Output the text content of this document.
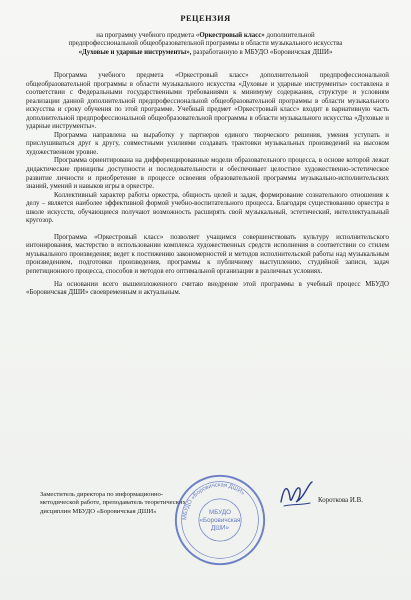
РЕЦЕНЗИЯ
на программу учебного предмета «Оркестровый класс» дополнительной
предпрофессиональной общеобразовательной программы в области музыкального искусства
«Духовые и ударные инструменты», разработанную в МБУДО «Боровичская ДШИ»

Программа учебного предмета «Оркестровый класс» дополнительной предпрофессиональной общеобразовательной программы в области музыкального искусства «Духовые и ударные инструменты» составлена в соответствии с Федеральными государственными требованиями к минимуму содержания, структуре и условиям реализации данной дополнительной предпрофессиональной общеобразовательной программы в области музыкального искусства и сроку обучения по этой программе. Учебный предмет «Оркестровый класс» входит в вариативную часть дополнительной предпрофессиональной общеобразовательной программы в области музыкального искусства «Духовые и ударные инструменты».

Программа направлена на выработку у партнеров единого творческого решения, умения уступать и прислушиваться друг к другу, совместными усилиями создавать трактовки музыкальных произведений на высоком художественном уровне.

Программа ориентирована на дифференцированные модели образовательного процесса, в основе которой лежат дидактические принципы доступности и последовательности и обеспечивает целостное художественно-эстетическое развитие личности и приобретение в процессе освоения образовательной программы музыкально-исполнительских знаний, умений и навыков игры в оркестре.

Коллективный характер работы оркестра, общность целей и задач, формирование сознательного отношения к делу – является наиболее эффективной формой учебно-воспитательного процесса. Благодаря существованию оркестра в школе искусств, обучающиеся получают возможность расширять свой музыкальный, эстетический, интеллектуальный кругозор.

Программа «Оркестровый класс» позволяет учащимся совершенствовать культуру исполнительского интонирования, мастерство в использовании комплекса художественных средств исполнения в соответствии со стилем музыкального произведения; ведет к постижению закономерностей и методов исполнительской работы над музыкальным произведением, подготовки произведения, программы к публичному выступлению, студийной записи, задач репетиционного процесса, способов и методов его оптимальной организации в различных условиях.

На основании всего вышеизложенного считаю внедрение этой программы в учебный процесс МБУДО «Боровичская ДШИ» своевременным и актуальным.

Заместитель директора по информационно-
методической работе, преподаватель теоретических
дисциплин МБУДО «Боровичская ДШИ»
Короткова И.В.
МБУДО «Боровичская ДШИ»
МБУДО
«Боровичская
ДШИ»
